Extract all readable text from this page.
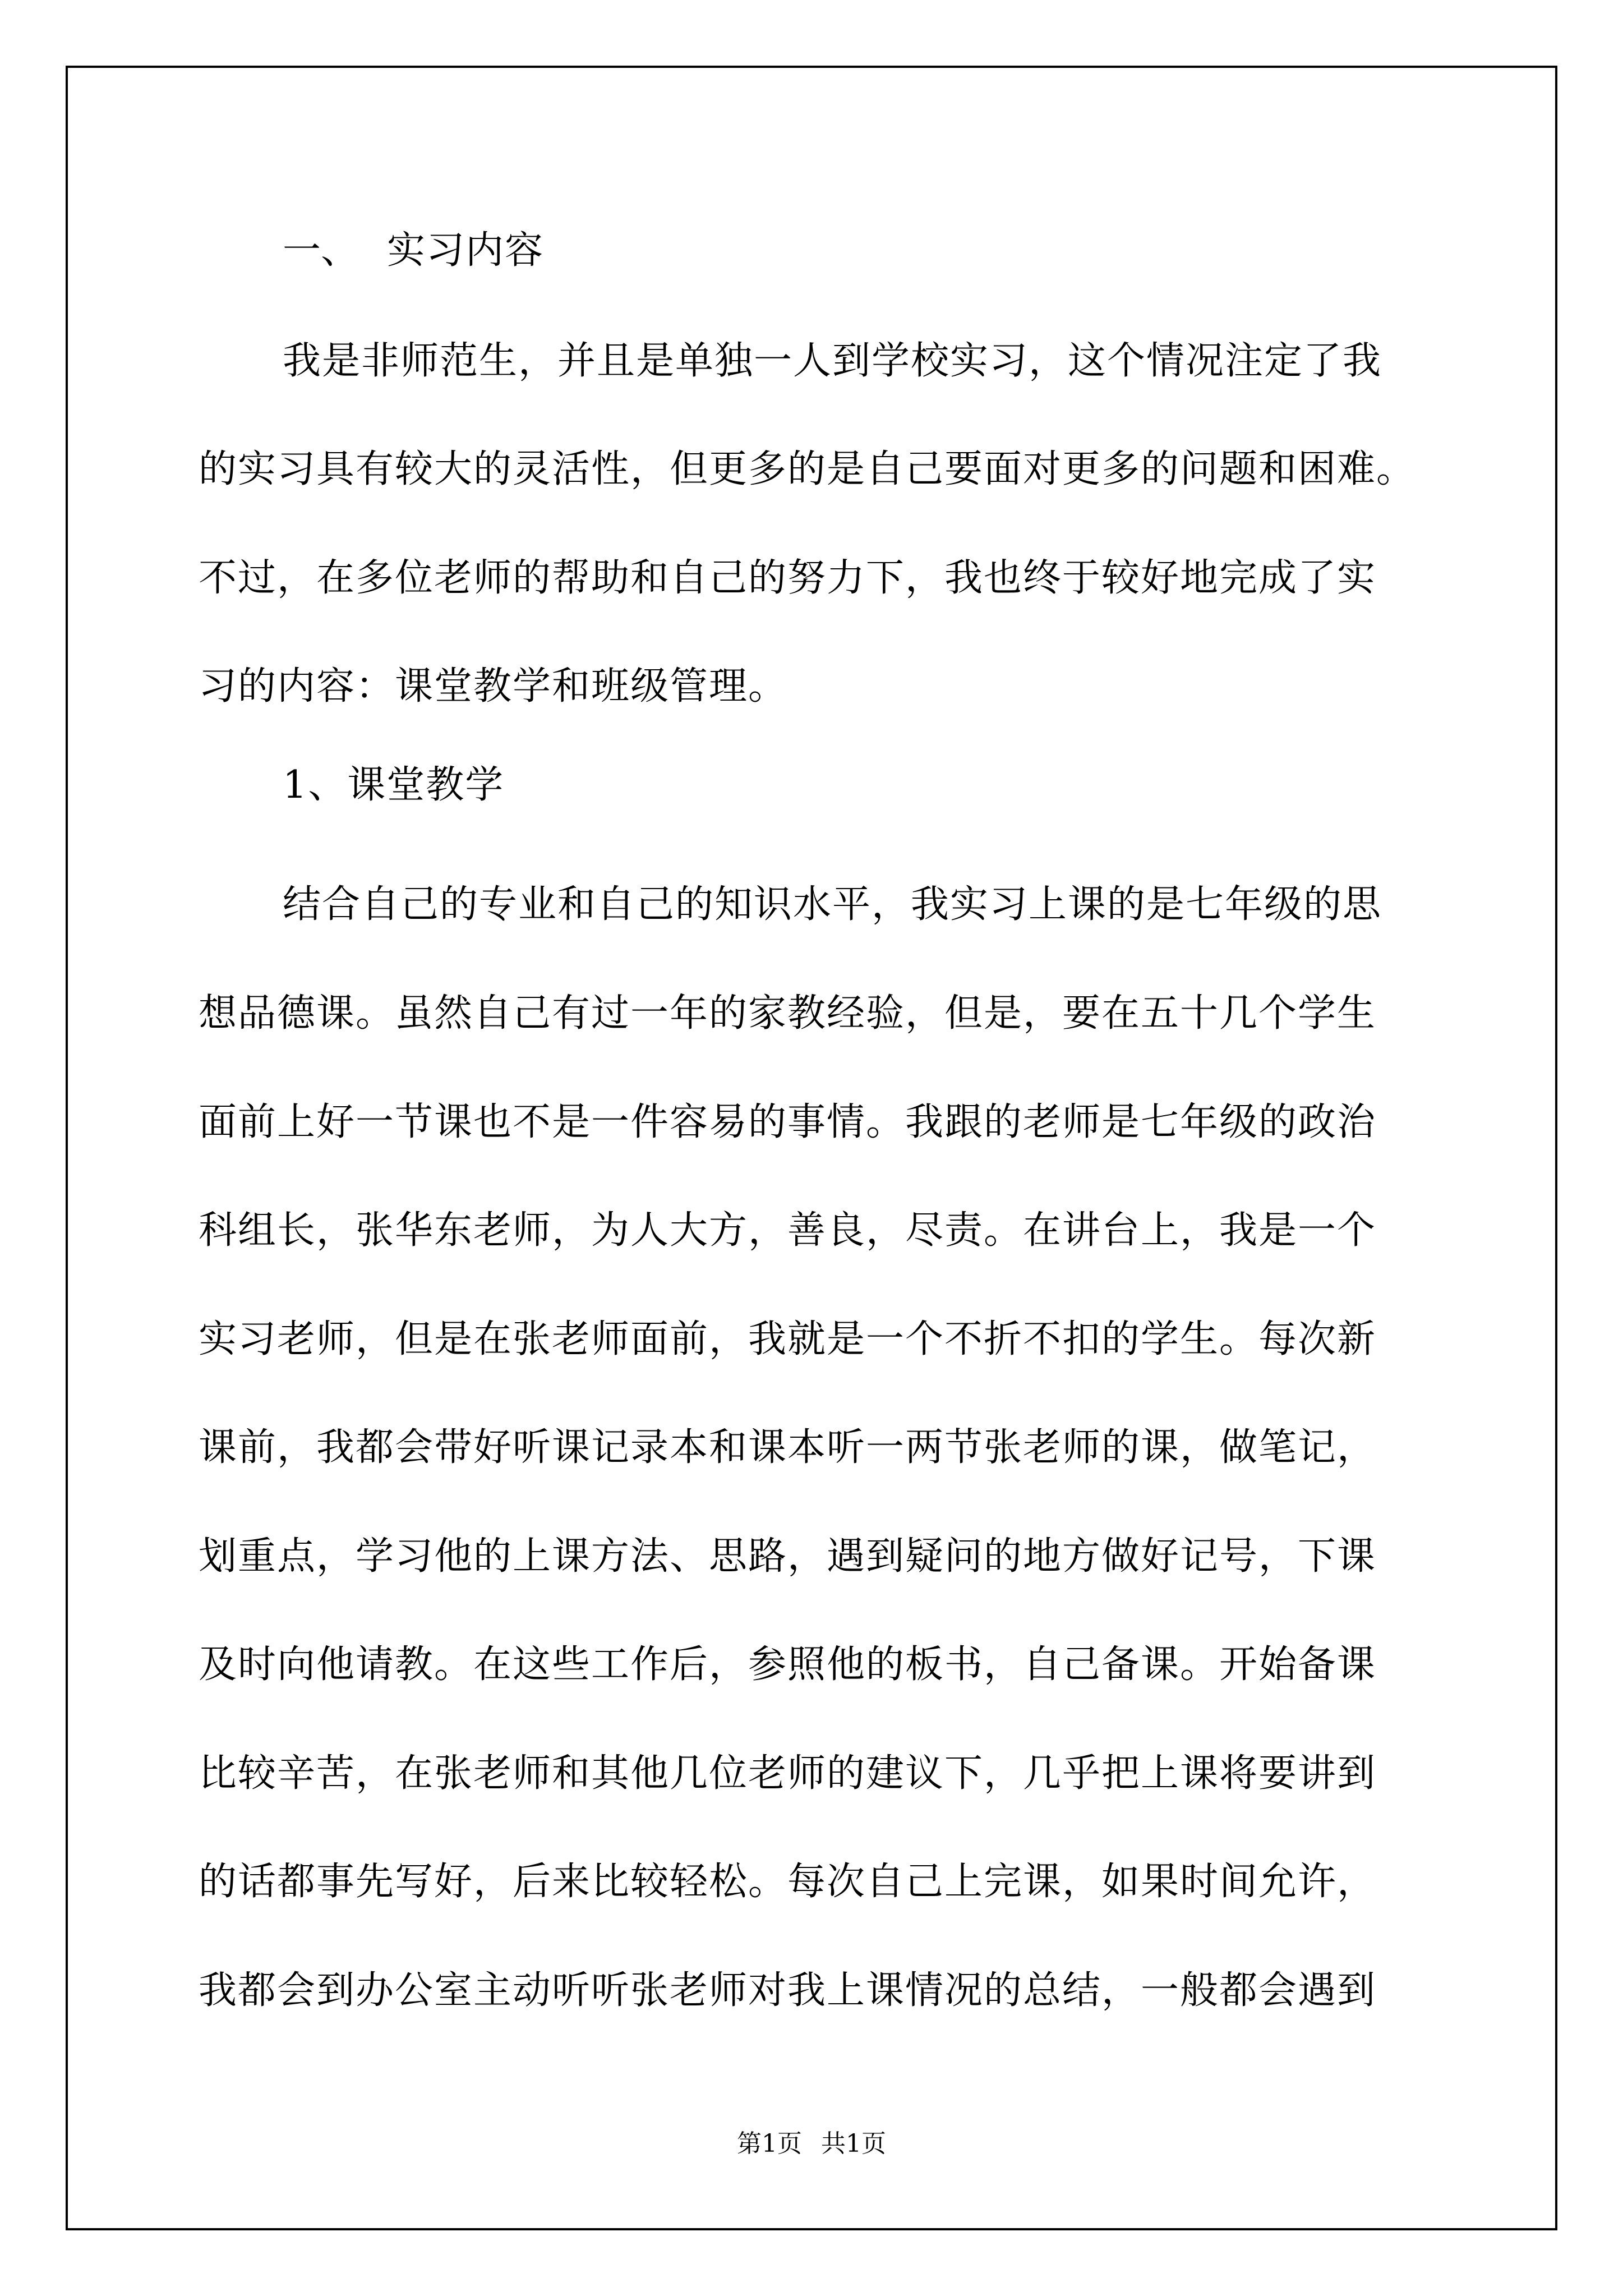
一、 实习内容
我是非师范生，并且是单独一人到学校实习，这个情况注定了我
的实习具有较大的灵活性，但更多的是自己要面对更多的问题和困难。
不过，在多位老师的帮助和自己的努力下，我也终于较好地完成了实
习的内容：课堂教学和班级管理。
1、课堂教学
结合自己的专业和自己的知识水平，我实习上课的是七年级的思
想品德课。虽然自己有过一年的家教经验，但是，要在五十几个学生
面前上好一节课也不是一件容易的事情。我跟的老师是七年级的政治
科组长，张华东老师，为人大方，善良，尽责。在讲台上，我是一个
实习老师，但是在张老师面前，我就是一个不折不扣的学生。每次新
课前，我都会带好听课记录本和课本听一两节张老师的课，做笔记，
划重点，学习他的上课方法、思路，遇到疑问的地方做好记号，下课
及时向他请教。在这些工作后，参照他的板书，自己备课。开始备课
比较辛苦，在张老师和其他几位老师的建议下，几乎把上课将要讲到
的话都事先写好，后来比较轻松。每次自己上完课，如果时间允许，
我都会到办公室主动听听张老师对我上课情况的总结，一般都会遇到
第1页 共1页
